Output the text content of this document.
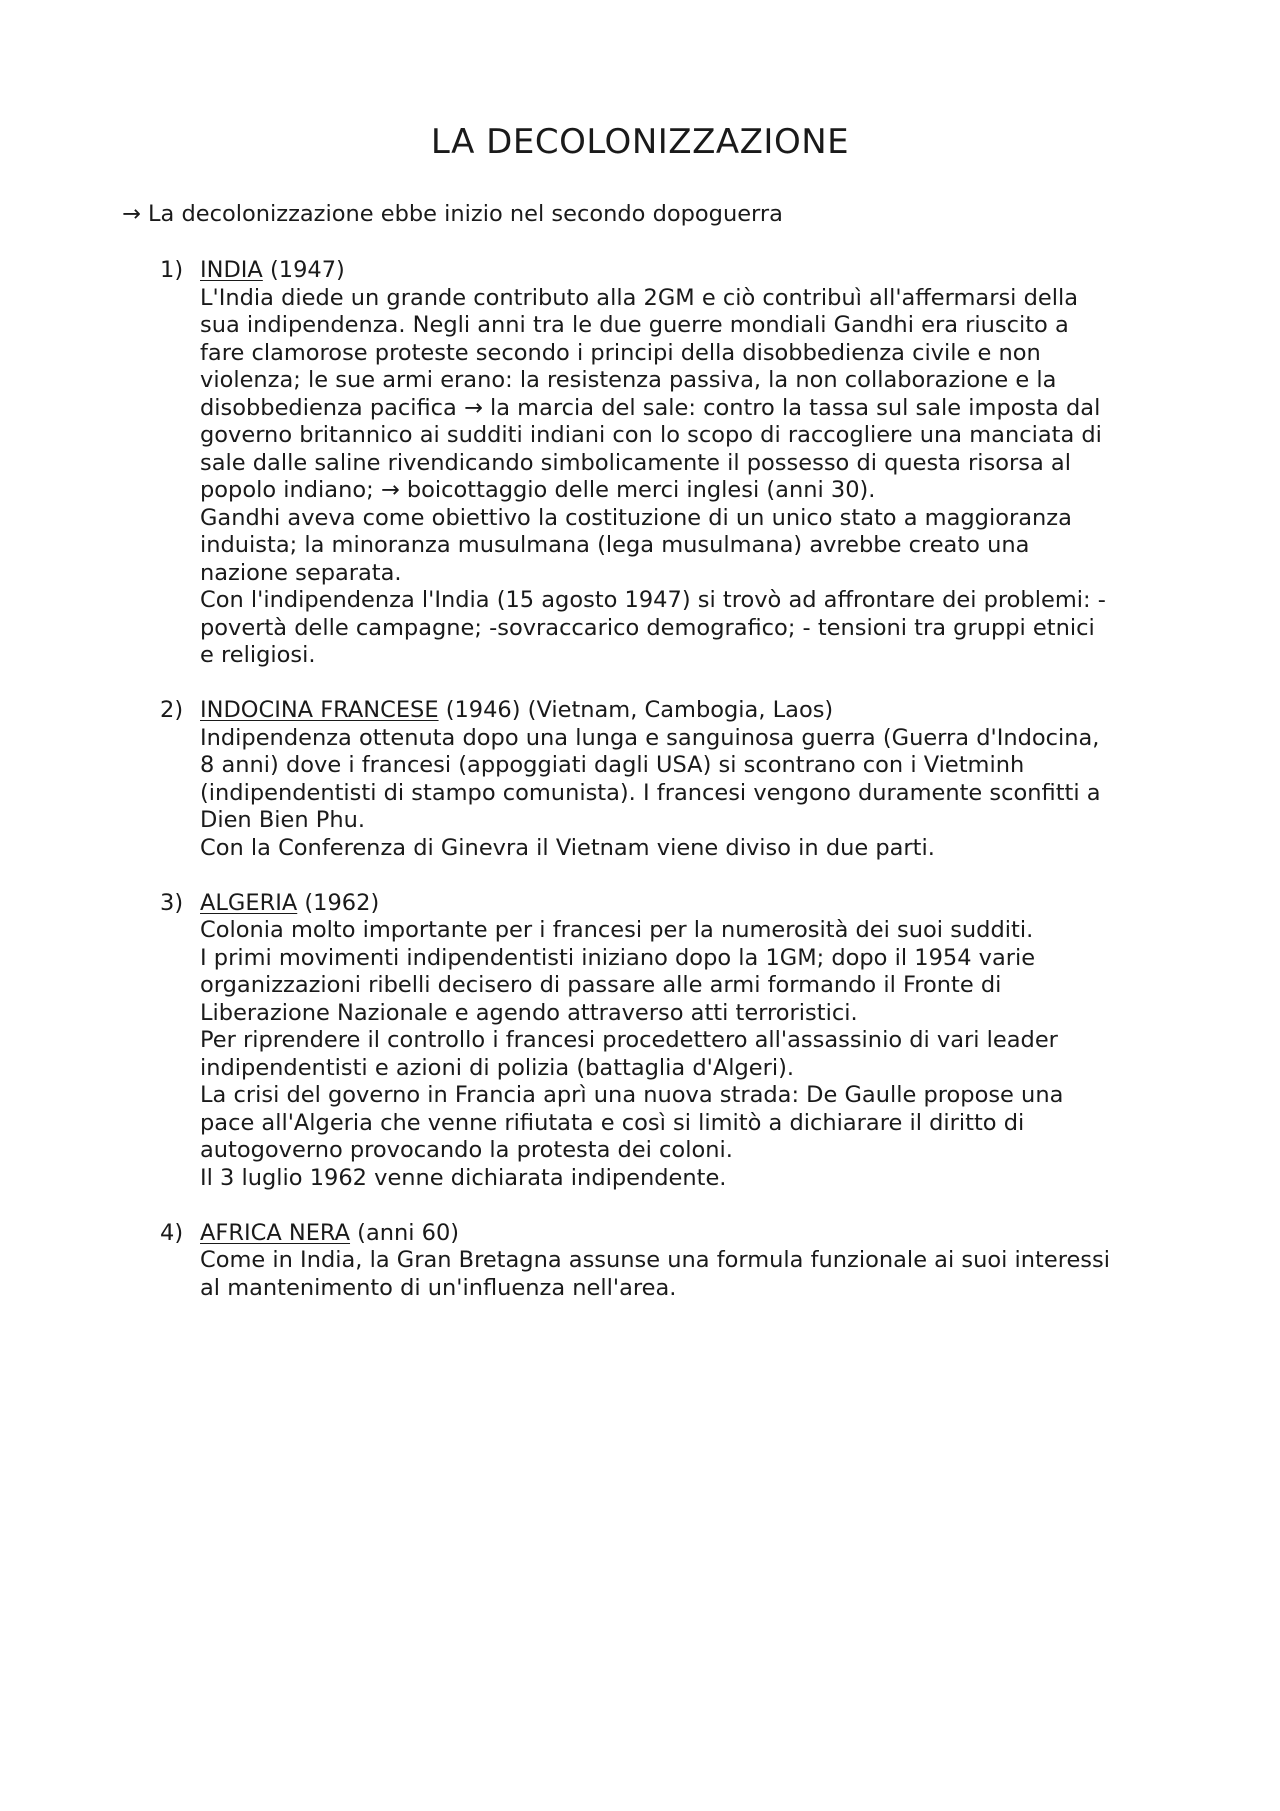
LA DECOLONIZZAZIONE
→ La decolonizzazione ebbe inizio nel secondo dopoguerra
1) INDIA (1947)
L'India diede un grande contributo alla 2GM e ciò contribuì all'affermarsi della
sua indipendenza. Negli anni tra le due guerre mondiali Gandhi era riuscito a
fare clamorose proteste secondo i principi della disobbedienza civile e non
violenza; le sue armi erano: la resistenza passiva, la non collaborazione e la
disobbedienza pacifica → la marcia del sale: contro la tassa sul sale imposta dal
governo britannico ai sudditi indiani con lo scopo di raccogliere una manciata di
sale dalle saline rivendicando simbolicamente il possesso di questa risorsa al
popolo indiano; → boicottaggio delle merci inglesi (anni 30).
Gandhi aveva come obiettivo la costituzione di un unico stato a maggioranza
induista; la minoranza musulmana (lega musulmana) avrebbe creato una
nazione separata.
Con l'indipendenza l'India (15 agosto 1947) si trovò ad affrontare dei problemi: -
povertà delle campagne; -sovraccarico demografico; - tensioni tra gruppi etnici
e religiosi.
2) INDOCINA FRANCESE (1946) (Vietnam, Cambogia, Laos)
Indipendenza ottenuta dopo una lunga e sanguinosa guerra (Guerra d'Indocina,
8 anni) dove i francesi (appoggiati dagli USA) si scontrano con i Vietminh
(indipendentisti di stampo comunista). I francesi vengono duramente sconfitti a
Dien Bien Phu.
Con la Conferenza di Ginevra il Vietnam viene diviso in due parti.
3) ALGERIA (1962)
Colonia molto importante per i francesi per la numerosità dei suoi sudditi.
I primi movimenti indipendentisti iniziano dopo la 1GM; dopo il 1954 varie
organizzazioni ribelli decisero di passare alle armi formando il Fronte di
Liberazione Nazionale e agendo attraverso atti terroristici.
Per riprendere il controllo i francesi procedettero all'assassinio di vari leader
indipendentisti e azioni di polizia (battaglia d'Algeri).
La crisi del governo in Francia aprì una nuova strada: De Gaulle propose una
pace all'Algeria che venne rifiutata e così si limitò a dichiarare il diritto di
autogoverno provocando la protesta dei coloni.
Il 3 luglio 1962 venne dichiarata indipendente.
4) AFRICA NERA (anni 60)
Come in India, la Gran Bretagna assunse una formula funzionale ai suoi interessi
al mantenimento di un'influenza nell'area.
